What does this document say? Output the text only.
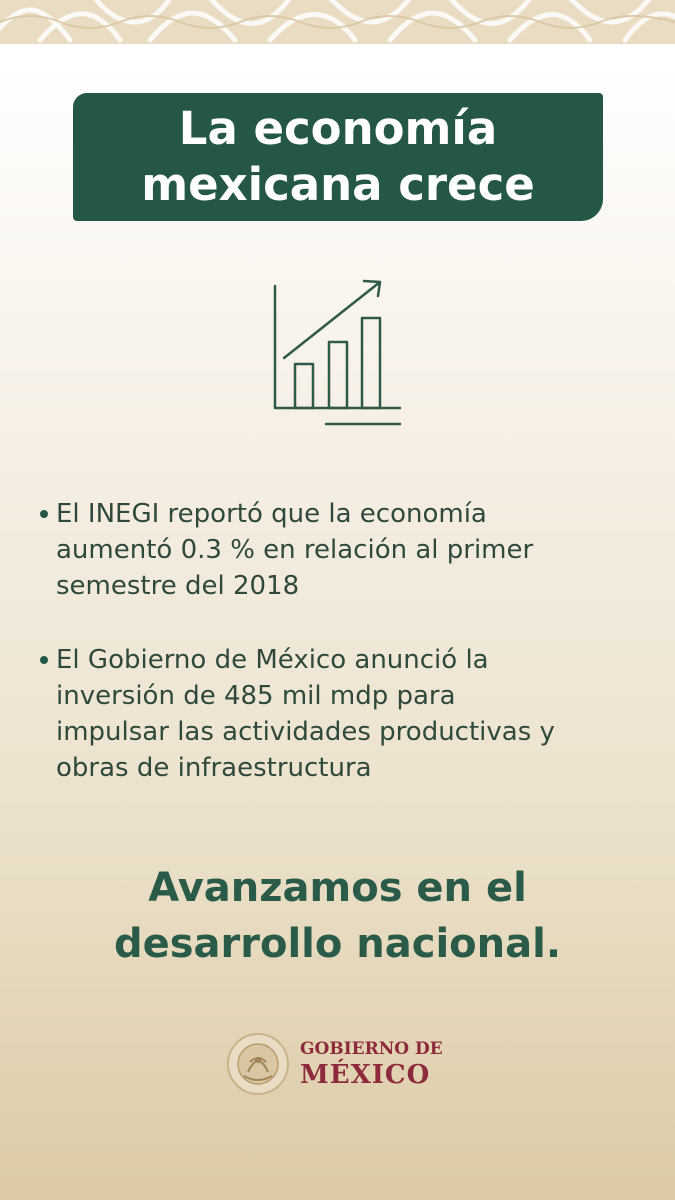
La economía
mexicana crece
El INEGI reportó que la economía
aumentó 0.3 % en relación al primer
semestre del 2018
El Gobierno de México anunció la
inversión de 485 mil mdp para
impulsar las actividades productivas y
obras de infraestructura
Avanzamos en el
desarrollo nacional.
GOBIERNO DE
MÉXICO
